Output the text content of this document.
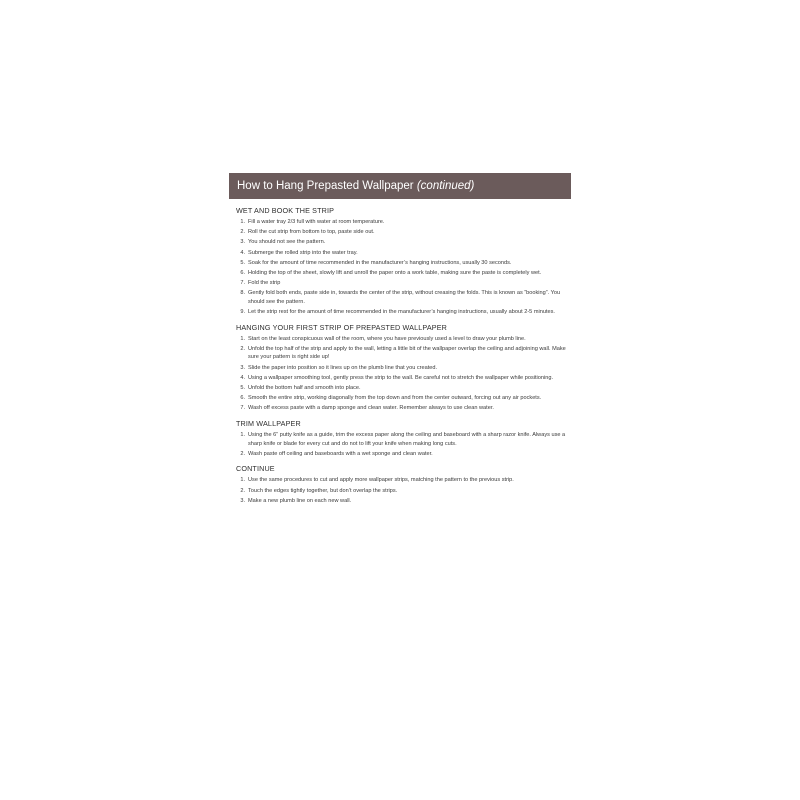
How to Hang Prepasted Wallpaper (continued)
WET AND BOOK THE STRIP
1. Fill a water tray 2/3 full with water at room temperature.
2. Roll the cut strip from bottom to top, paste side out.
3. You should not see the pattern.
4. Submerge the rolled strip into the water tray.
5. Soak for the amount of time recommended in the manufacturer’s hanging instructions, usually 30 seconds.
6. Holding the top of the sheet, slowly lift and unroll the paper onto a work table, making sure the paste is completely wet.
7. Fold the strip
8. Gently fold both ends, paste side in, towards the center of the strip, without creasing the folds. This is known as “booking”. You should see the pattern.
9. Let the strip rest for the amount of time recommended in the manufacturer’s hanging instructions, usually about 2-5 minutes.
HANGING YOUR FIRST STRIP OF PREPASTED WALLPAPER
1. Start on the least conspicuous wall of the room, where you have previously used a level to draw your plumb line.
2. Unfold the top half of the strip and apply to the wall, letting a little bit of the wallpaper overlap the ceiling and adjoining wall. Make sure your pattern is right side up!
3. Slide the paper into position so it lines up on the plumb line that you created.
4. Using a wallpaper smoothing tool, gently press the strip to the wall. Be careful not to stretch the wallpaper while positioning.
5. Unfold the bottom half and smooth into place.
6. Smooth the entire strip, working diagonally from the top down and from the center outward, forcing out any air pockets.
7. Wash off excess paste with a damp sponge and clean water. Remember always to use clean water.
TRIM WALLPAPER
1. Using the 6” putty knife as a guide, trim the excess paper along the ceiling and baseboard with a sharp razor knife. Always use a sharp knife or blade for every cut and do not to lift your knife when making long cuts.
2. Wash paste off ceiling and baseboards with a wet sponge and clean water.
CONTINUE
1. Use the same procedures to cut and apply more wallpaper strips, matching the pattern to the previous strip.
2. Touch the edges tightly together, but don’t overlap the strips.
3. Make a new plumb line on each new wall.
